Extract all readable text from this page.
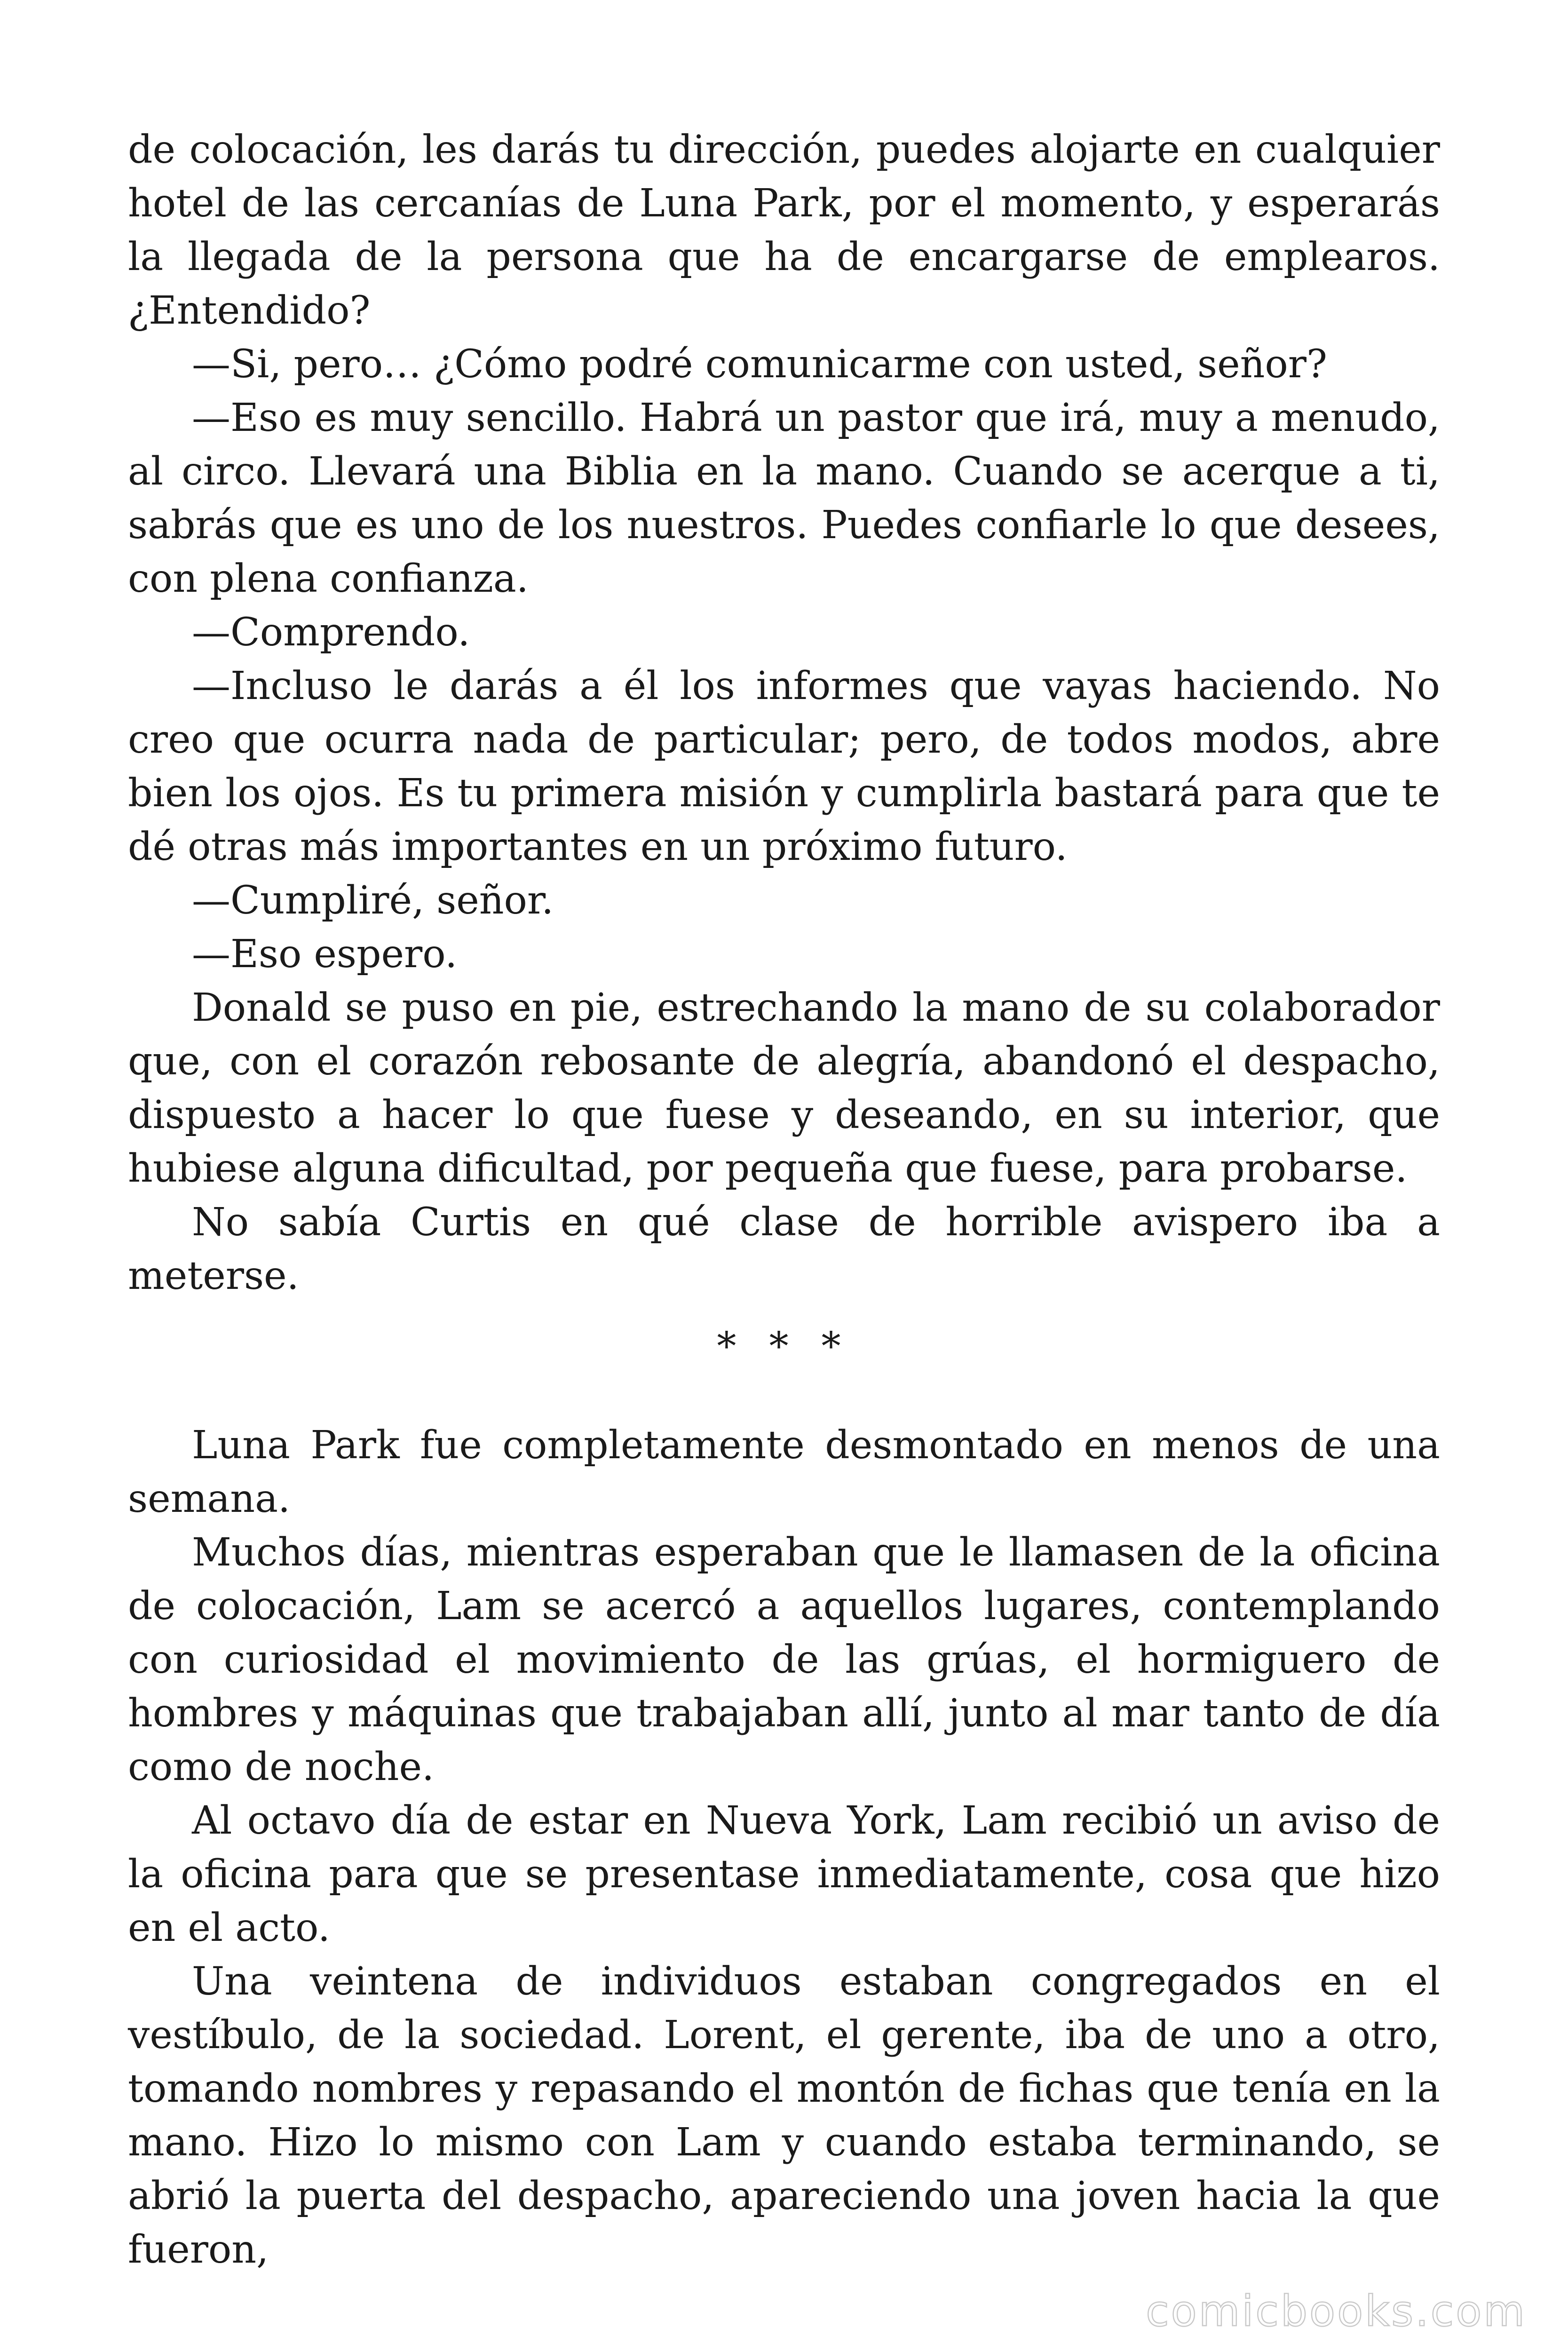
de colocación, les darás tu dirección, puedes alojarte en cualquier hotel de las cercanías de Luna Park, por el momento, y esperarás la llegada de la persona que ha de encargarse de emplearos. ¿Entendido?

—Si, pero… ¿Cómo podré comunicarme con usted, señor?

—Eso es muy sencillo. Habrá un pastor que irá, muy a menudo, al circo. Llevará una Biblia en la mano. Cuando se acerque a ti, sabrás que es uno de los nuestros. Puedes confiarle lo que desees, con plena confianza.

—Comprendo.

—Incluso le darás a él los informes que vayas haciendo. No creo que ocurra nada de particular; pero, de todos modos, abre bien los ojos. Es tu primera misión y cumplirla bastará para que te dé otras más importantes en un próximo futuro.

—Cumpliré, señor.

—Eso espero.

Donald se puso en pie, estrechando la mano de su colaborador que, con el corazón rebosante de alegría, abandonó el despacho, dispuesto a hacer lo que fuese y deseando, en su interior, que hubiese alguna dificultad, por pequeña que fuese, para probarse.

No sabía Curtis en qué clase de horrible avispero iba a meterse.

* * *

Luna Park fue completamente desmontado en menos de una semana.

Muchos días, mientras esperaban que le llamasen de la oficina de colocación, Lam se acercó a aquellos lugares, contemplando con curiosidad el movimiento de las grúas, el hormiguero de hombres y máquinas que trabajaban allí, junto al mar tanto de día como de noche.

Al octavo día de estar en Nueva York, Lam recibió un aviso de la oficina para que se presentase inmediatamente, cosa que hizo en el acto.

Una veintena de individuos estaban congregados en el vestíbulo, de la sociedad. Lorent, el gerente, iba de uno a otro, tomando nombres y repasando el montón de fichas que tenía en la mano. Hizo lo mismo con Lam y cuando estaba terminando, se abrió la puerta del despacho, apareciendo una joven hacia la que fueron,

comicbooks.com
